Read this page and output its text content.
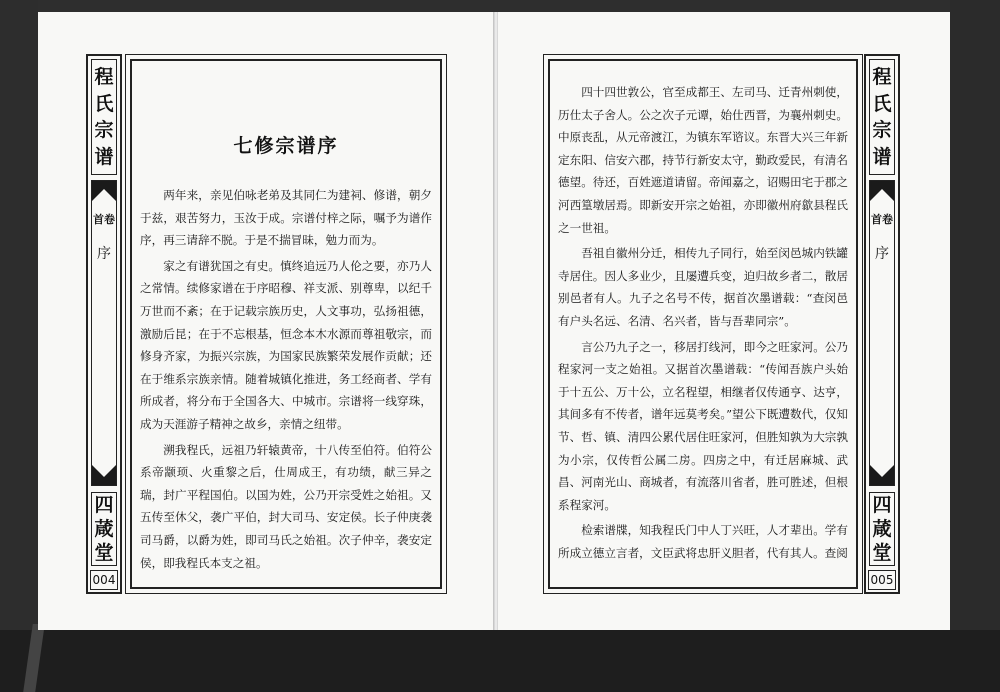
程
氏
宗
谱
首卷
序
四
葴
堂
004
七修宗谱序

两年来，亲见伯咏老弟及其同仁为建祠、修谱，朝夕于兹，艰苦努力，玉汝于成。宗谱付梓之际，嘱予为谱作序，再三请辞不脱。于是不揣冒昧，勉力而为。

家之有谱犹国之有史。慎终追远乃人伦之要，亦乃人之常情。续修家谱在于序昭穆、祥支派、别尊卑，以纪千万世而不紊；在于记载宗族历史，人文事功，弘扬祖德，激励后昆；在于不忘根基，恒念本木水源而尊祖敬宗，而修身齐家，为振兴宗族，为国家民族繁荣发展作贡献；还在于维系宗族亲情。随着城镇化推进，务工经商者、学有所成者，将分布于全国各大、中城市。宗谱将一线穿珠，成为天涯游子精神之故乡，亲情之纽带。

溯我程氏，远祖乃轩辕黄帝，十八传至伯符。伯符公系帝颛顼、火重黎之后，仕周成王，有功绩，献三异之瑞，封广平程国伯。以国为姓，公乃开宗受姓之始祖。又五传至休父，袭广平伯，封大司马、安定侯。长子仲庚袭司马爵，以爵为姓，即司马氏之始祖。次子仲辛，袭安定侯，即我程氏本支之祖。

四十四世敦公，官至成都王、左司马、迁青州刺使，历仕太子舍人。公之次子元谭，始仕西晋，为襄州刺史。中原丧乱，从元帝渡江，为镇东军谘议。东晋大兴三年新定东阳、信安六郡，持节行新安太守，勤政爱民，有清名德望。待还，百姓遮道请留。帝闻嘉之，诏赐田宅于郡之河西篁墩居焉。即新安开宗之始祖，亦即徽州府歙县程氏之一世祖。

吾祖自徽州分迁，相传九子同行，始至闵邑城内铁罐寺居住。因人多业少，且屡遭兵变，迫归故乡者二，散居别邑者有人。九子之名号不传，据首次墨谱载：“查闵邑有户头名远、名清、名兴者，皆与吾辈同宗”。

言公乃九子之一，移居打线河，即今之旺家河。公乃程家河一支之始祖。又据首次墨谱载：“传闻吾族户头始于十五公、万十公，立名程望，相继者仅传通亨、达亨，其间多有不传者，谱年远莫考矣。”望公下既遭数代，仅知节、哲、镇、清四公累代居住旺家河，但胜知孰为大宗孰为小宗，仅传哲公属二房。四房之中，有迁居麻城、武昌、河南光山、商城者，有流落川省者，胜可胜述，但根系程家河。

检索谱牒，知我程氏门中人丁兴旺，人才辈出。学有所成立德立言者，文臣武将忠肝义胆者，代有其人。查阅

程
氏
宗
谱
首卷
序
四
葴
堂
005
